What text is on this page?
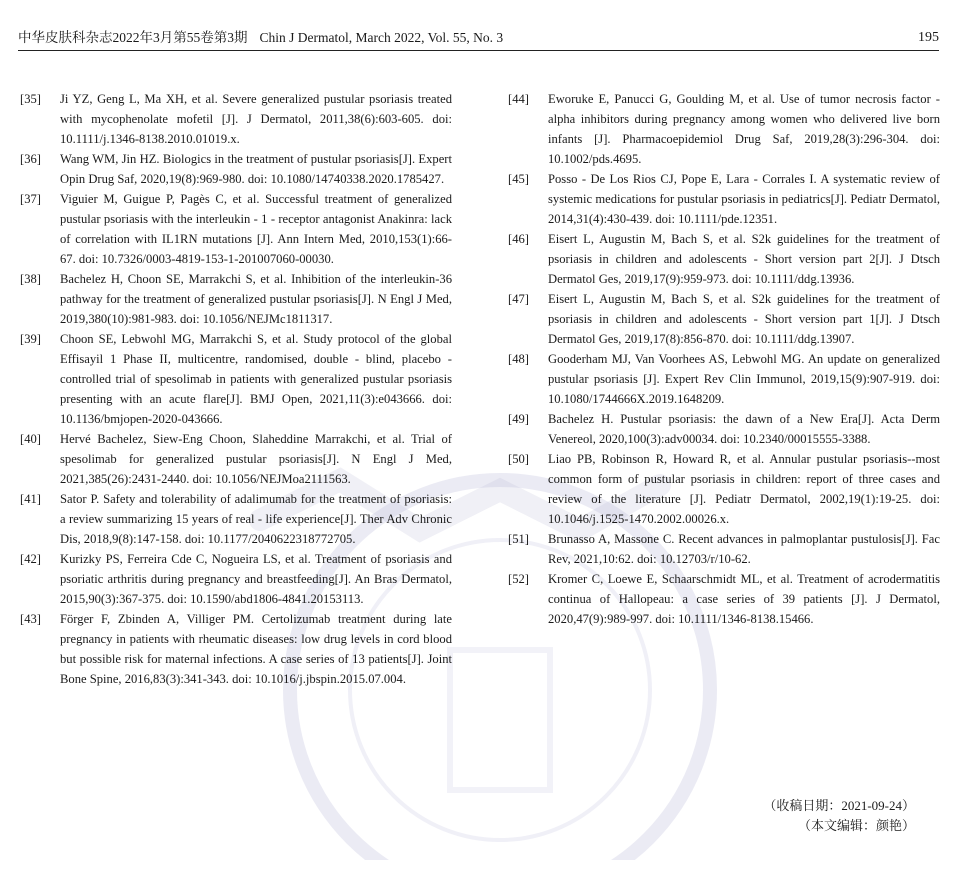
中华皮肤科杂志2022年3月第55卷第3期 Chin J Dermatol, March 2022, Vol. 55, No. 3	195

[35] Ji YZ, Geng L, Ma XH, et al. Severe generalized pustular psoriasis treated with mycophenolate mofetil [J]. J Dermatol, 2011,38(6):603-605. doi: 10.1111/j.1346-8138.2010.01019.x.

[36] Wang WM, Jin HZ. Biologics in the treatment of pustular psoriasis[J]. Expert Opin Drug Saf, 2020,19(8):969-980. doi: 10.1080/14740338.2020.1785427.

[37] Viguier M, Guigue P, Pagès C, et al. Successful treatment of generalized pustular psoriasis with the interleukin - 1 - receptor antagonist Anakinra: lack of correlation with IL1RN mutations [J]. Ann Intern Med, 2010,153(1):66-67. doi: 10.7326/0003-4819-153-1-201007060-00030.

[38] Bachelez H, Choon SE, Marrakchi S, et al. Inhibition of the interleukin-36 pathway for the treatment of generalized pustular psoriasis[J]. N Engl J Med, 2019,380(10):981-983. doi: 10.1056/NEJMc1811317.

[39] Choon SE, Lebwohl MG, Marrakchi S, et al. Study protocol of the global Effisayil 1 Phase II, multicentre, randomised, double - blind, placebo - controlled trial of spesolimab in patients with generalized pustular psoriasis presenting with an acute flare[J]. BMJ Open, 2021,11(3):e043666. doi: 10.1136/bmjopen-2020-043666.

[40] Hervé Bachelez, Siew-Eng Choon, Slaheddine Marrakchi, et al. Trial of spesolimab for generalized pustular psoriasis[J]. N Engl J Med, 2021,385(26):2431-2440. doi: 10.1056/NEJMoa2111563.

[41] Sator P. Safety and tolerability of adalimumab for the treatment of psoriasis: a review summarizing 15 years of real - life experience[J]. Ther Adv Chronic Dis, 2018,9(8):147-158. doi: 10.1177/2040622318772705.

[42] Kurizky PS, Ferreira Cde C, Nogueira LS, et al. Treatment of psoriasis and psoriatic arthritis during pregnancy and breastfeeding[J]. An Bras Dermatol, 2015,90(3):367-375. doi: 10.1590/abd1806-4841.20153113.

[43] Förger F, Zbinden A, Villiger PM. Certolizumab treatment during late pregnancy in patients with rheumatic diseases: low drug levels in cord blood but possible risk for maternal infections. A case series of 13 patients[J]. Joint Bone Spine, 2016,83(3):341-343. doi: 10.1016/j.jbspin.2015.07.004.

[44] Eworuke E, Panucci G, Goulding M, et al. Use of tumor necrosis factor - alpha inhibitors during pregnancy among women who delivered live born infants [J]. Pharmacoepidemiol Drug Saf, 2019,28(3):296-304. doi: 10.1002/pds.4695.

[45] Posso - De Los Rios CJ, Pope E, Lara - Corrales I. A systematic review of systemic medications for pustular psoriasis in pediatrics[J]. Pediatr Dermatol, 2014,31(4):430-439. doi: 10.1111/pde.12351.

[46] Eisert L, Augustin M, Bach S, et al. S2k guidelines for the treatment of psoriasis in children and adolescents - Short version part 2[J]. J Dtsch Dermatol Ges, 2019,17(9):959-973. doi: 10.1111/ddg.13936.

[47] Eisert L, Augustin M, Bach S, et al. S2k guidelines for the treatment of psoriasis in children and adolescents - Short version part 1[J]. J Dtsch Dermatol Ges, 2019,17(8):856-870. doi: 10.1111/ddg.13907.

[48] Gooderham MJ, Van Voorhees AS, Lebwohl MG. An update on generalized pustular psoriasis [J]. Expert Rev Clin Immunol, 2019,15(9):907-919. doi: 10.1080/1744666X.2019.1648209.

[49] Bachelez H. Pustular psoriasis: the dawn of a New Era[J]. Acta Derm Venereol, 2020,100(3):adv00034. doi: 10.2340/00015555-3388.

[50] Liao PB, Robinson R, Howard R, et al. Annular pustular psoriasis--most common form of pustular psoriasis in children: report of three cases and review of the literature [J]. Pediatr Dermatol, 2002,19(1):19-25. doi: 10.1046/j.1525-1470.2002.00026.x.

[51] Brunasso A, Massone C. Recent advances in palmoplantar pustulosis[J]. Fac Rev, 2021,10:62. doi: 10.12703/r/10-62.

[52] Kromer C, Loewe E, Schaarschmidt ML, et al. Treatment of acrodermatitis continua of Hallopeau: a case series of 39 patients [J]. J Dermatol, 2020,47(9):989-997. doi: 10.1111/1346-8138.15466.

（收稿日期：2021-09-24）
（本文编辑：颜艳）
